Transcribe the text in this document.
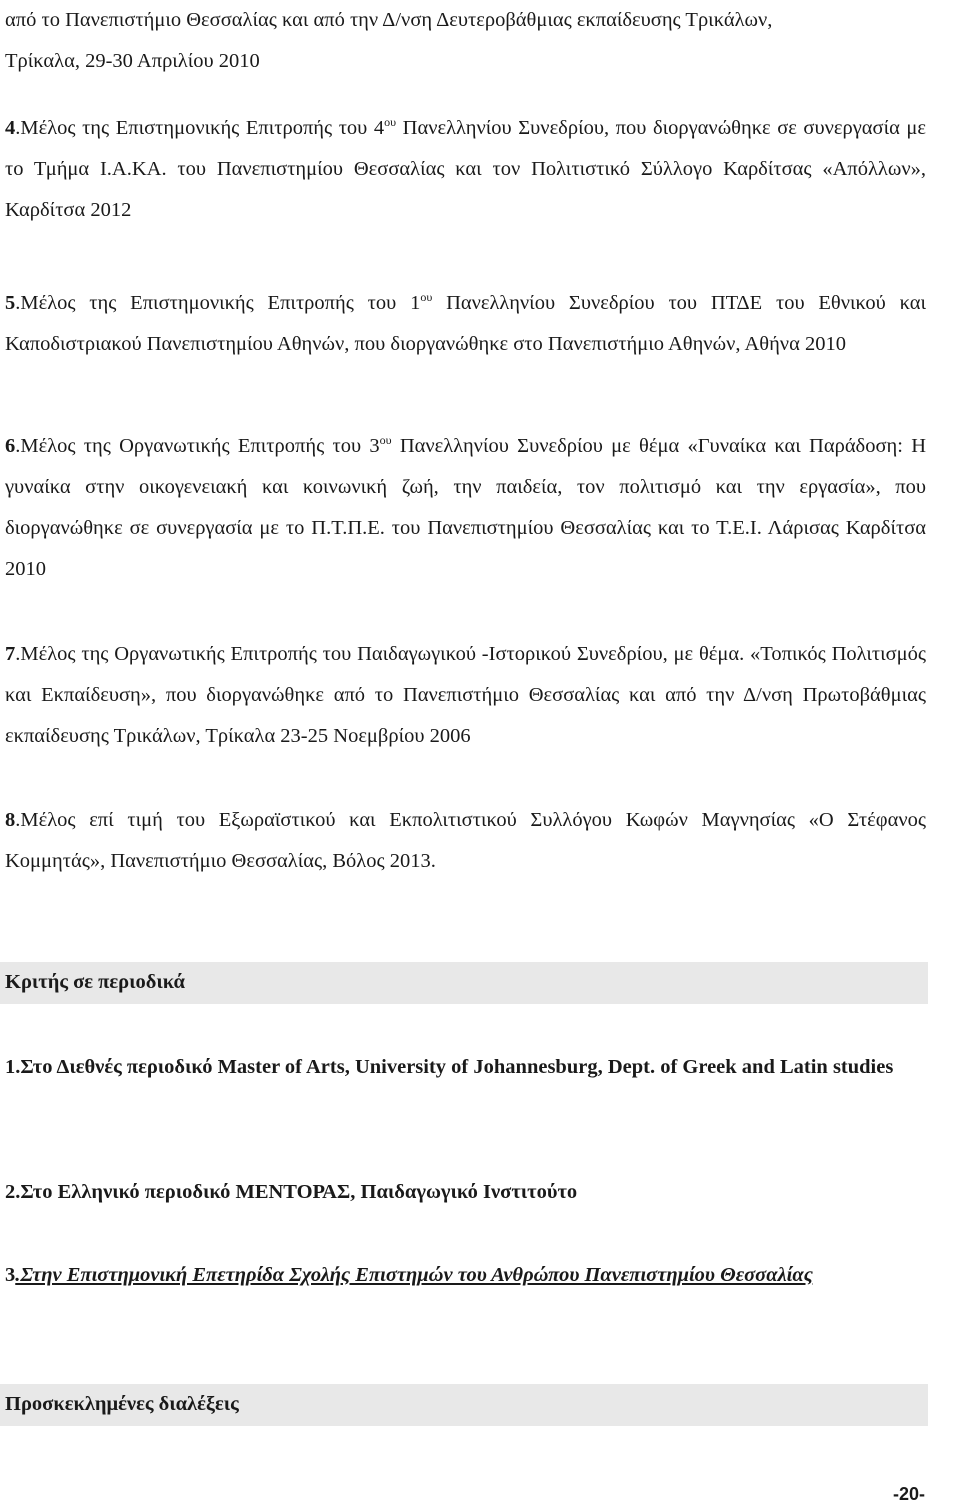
από το Πανεπιστήμιο Θεσσαλίας και από την Δ/νση Δευτεροβάθμιας εκπαίδευσης Τρικάλων,
Τρίκαλα, 29-30 Απριλίου 2010
4.Μέλος της Επιστημονικής Επιτροπής του $4^{o\upsilon}$ Πανελληνίου Συνεδρίου, που διοργανώθηκε σε συνεργασία με το Τμήμα Ι.Α.ΚΑ. του Πανεπιστημίου Θεσσαλίας και τον Πολιτιστικό Σύλλογο Καρδίτσας «Απόλλων», Καρδίτσα 2012
5.Μέλος της Επιστημονικής Επιτροπής του $1^{o\upsilon}$ Πανελληνίου Συνεδρίου του ΠΤΔΕ του Εθνικού και Καποδιστριακού Πανεπιστημίου Αθηνών, που διοργανώθηκε στο Πανεπιστήμιο Αθηνών, Αθήνα 2010
6.Μέλος της Οργανωτικής Επιτροπής του $3^{o\upsilon}$ Πανελληνίου Συνεδρίου με θέμα «Γυναίκα και Παράδοση: Η γυναίκα στην οικογενειακή και κοινωνική ζωή, την παιδεία, τον πολιτισμό και την εργασία», που διοργανώθηκε σε συνεργασία με το Π.Τ.Π.Ε. του Πανεπιστημίου Θεσσαλίας και το Τ.Ε.Ι. Λάρισας Καρδίτσα 2010
7.Μέλος της Οργανωτικής Επιτροπής του Παιδαγωγικού -Ιστορικού Συνεδρίου, με θέμα. «Τοπικός Πολιτισμός και Εκπαίδευση», που διοργανώθηκε από το Πανεπιστήμιο Θεσσαλίας και από την Δ/νση Πρωτοβάθμιας εκπαίδευσης Τρικάλων, Τρίκαλα 23-25 Νοεμβρίου 2006
8.Μέλος επί τιμή του Εξωραϊστικού και Εκπολιτιστικού Συλλόγου Κωφών Μαγνησίας «Ο Στέφανος Κομμητάς», Πανεπιστήμιο Θεσσαλίας, Βόλος 2013.
Κριτής σε περιοδικά
1.Στο Διεθνές περιοδικό Master of Arts, University of Johannesburg, Dept. of Greek and Latin studies
2.Στο Ελληνικό περιοδικό ΜΕΝΤΟΡΑΣ, Παιδαγωγικό Ινστιτούτο
3.Στην Επιστημονική Επετηρίδα Σχολής Επιστημών του Ανθρώπου Πανεπιστημίου Θεσσαλίας
Προσκεκλημένες διαλέξεις
-20-
